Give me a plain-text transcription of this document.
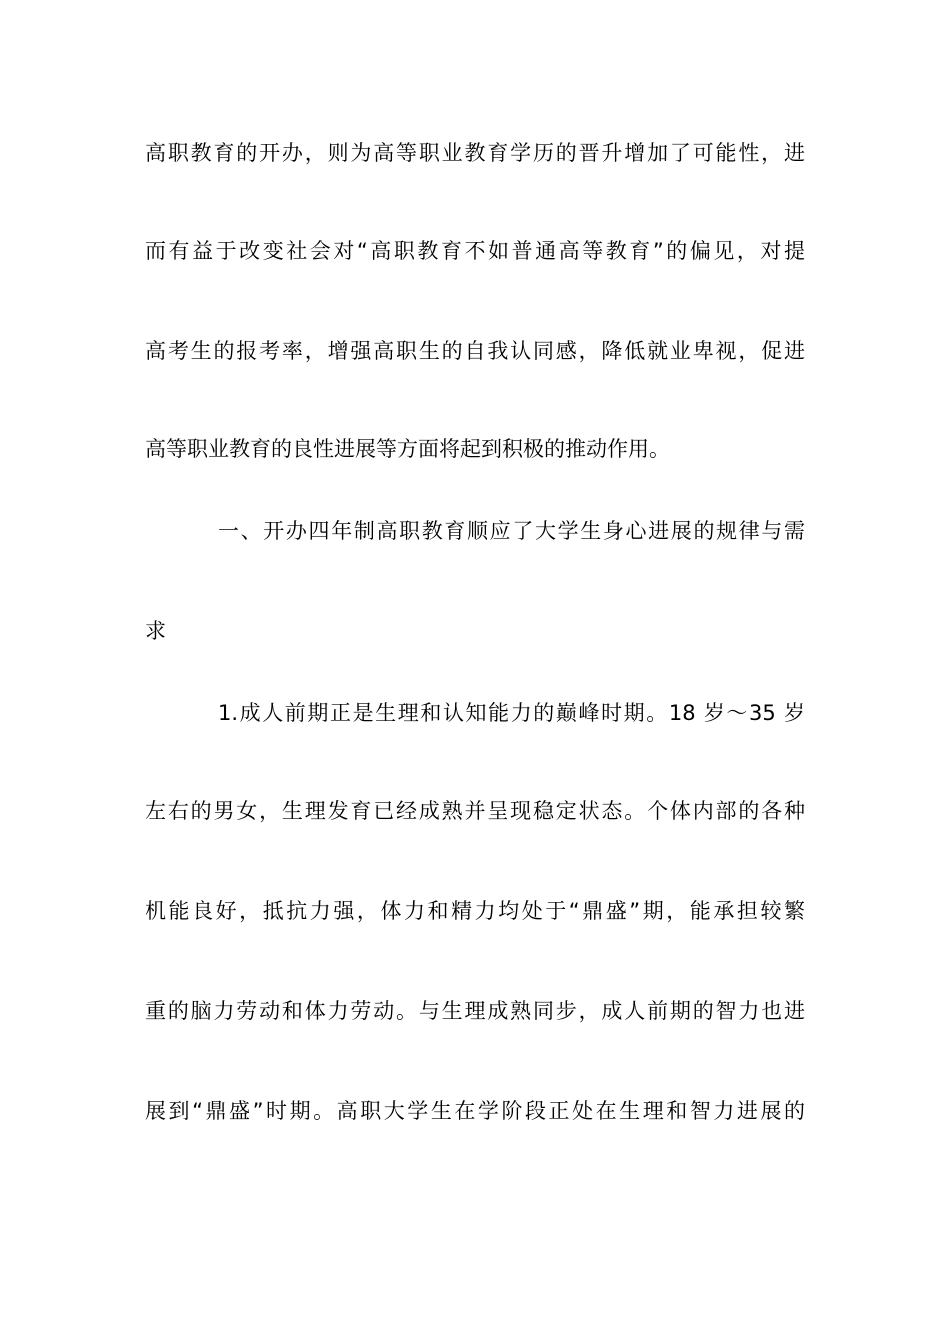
高职教育的开办，则为高等职业教育学历的晋升增加了可能性，进
而有益于改变社会对“高职教育不如普通高等教育”的偏见，对提
高考生的报考率，增强高职生的自我认同感，降低就业卑视，促进
高等职业教育的良性进展等方面将起到积极的推动作用。
一、开办四年制高职教育顺应了大学生身心进展的规律与需
求
1.成人前期正是生理和认知能力的巅峰时期。18 岁～35 岁
左右的男女，生理发育已经成熟并呈现稳定状态。个体内部的各种
机能良好，抵抗力强，体力和精力均处于“鼎盛”期，能承担较繁
重的脑力劳动和体力劳动。与生理成熟同步，成人前期的智力也进
展到“鼎盛”时期。高职大学生在学阶段正处在生理和智力进展的
